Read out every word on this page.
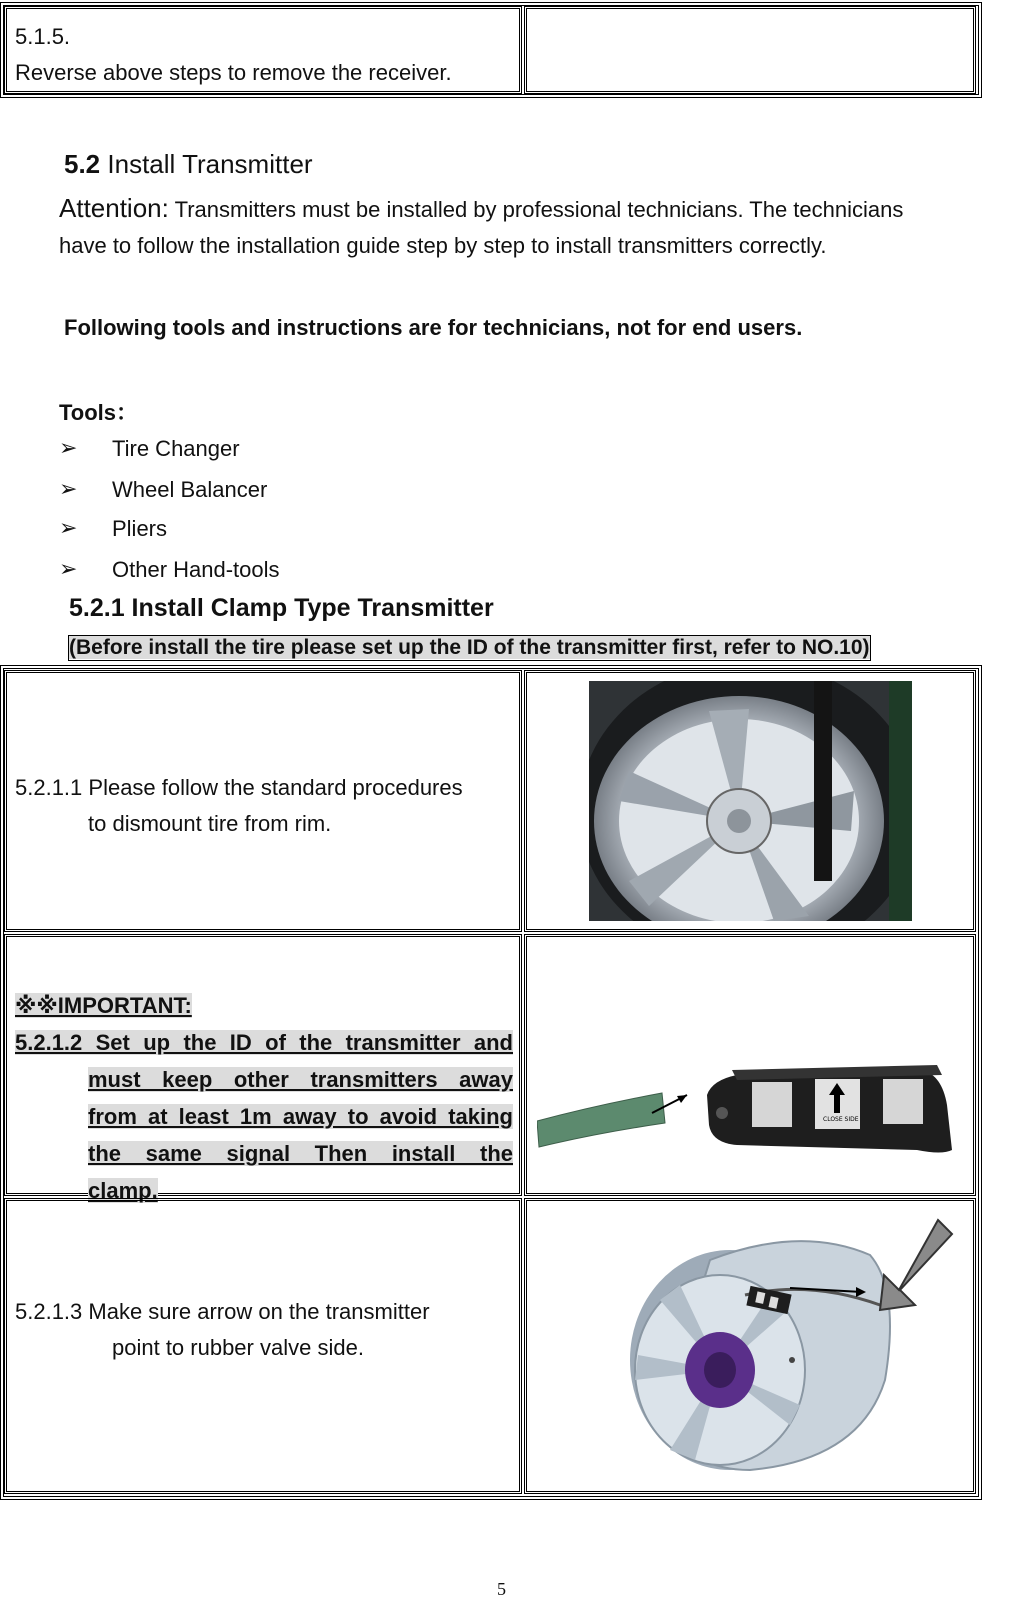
5.1.5.
Reverse above steps to remove the receiver.
5.2 Install Transmitter
Attention: Transmitters must be installed by professional technicians. The technicians
have to follow the installation guide step by step to install transmitters correctly.
Following tools and instructions are for technicians, not for end users.
Tools：
➢ Tire Changer
➢ Wheel Balancer
➢ Pliers
➢ Other Hand-tools
5.2.1 Install Clamp Type Transmitter
(Before install the tire please set up the ID of the transmitter first, refer to NO.10)
5.2.1.1 Please follow the standard procedures
to dismount tire from rim.
※※IMPORTANT:
5.2.1.2 Set up the ID of the transmitter and
must keep other transmitters away
from at least 1m away to avoid taking
the same signal Then install the
clamp.
CLOSE SIDE
5.2.1.3 Make sure arrow on the transmitter
point to rubber valve side.
5
